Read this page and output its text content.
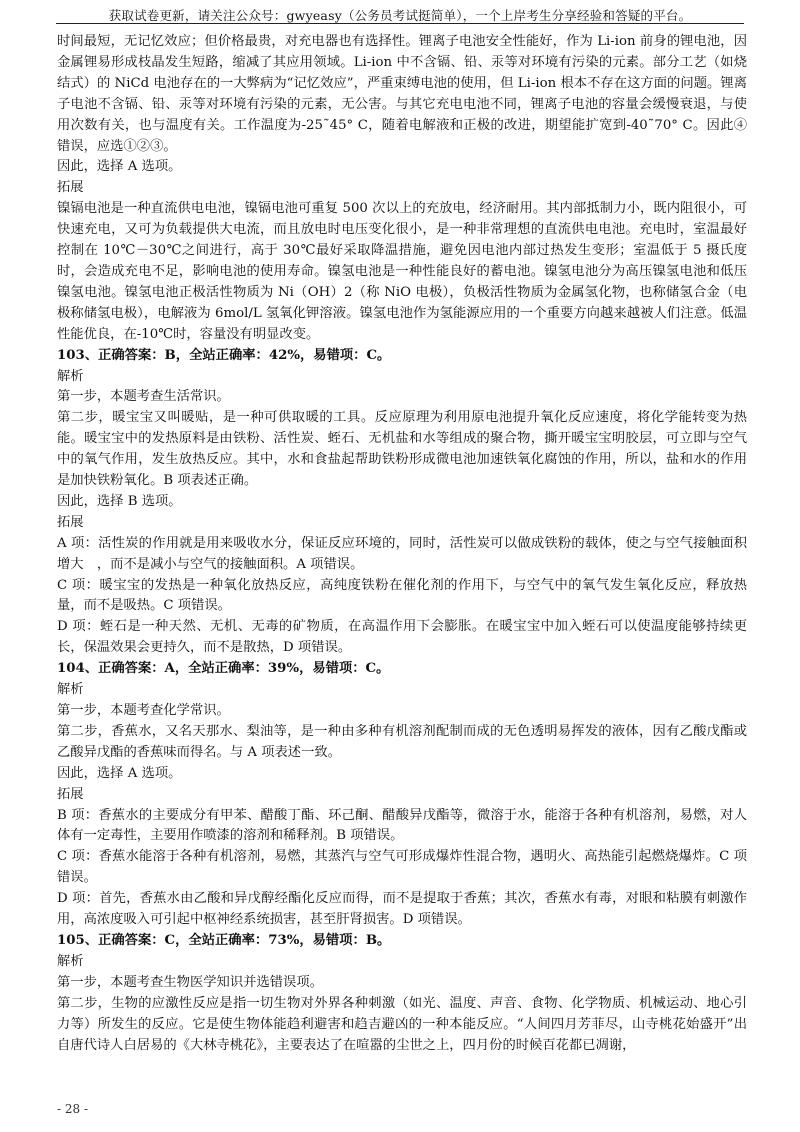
获取试卷更新，请关注公众号：gwyeasy（公务员考试挺简单），一个上岸考生分享经验和答疑的平台。

时间最短，无记忆效应；但价格最贵，对充电器也有选择性。锂离子电池安全性能好，作为 Li-ion 前身的锂电池，因金属锂易形成枝晶发生短路，缩减了其应用领域。Li-ion 中不含镉、铅、汞等对环境有污染的元素。部分工艺（如烧结式）的 NiCd 电池存在的一大弊病为“记忆效应”，严重束缚电池的使用，但 Li-ion 根本不存在这方面的问题。锂离子电池不含镉、铅、汞等对环境有污染的元素，无公害。与其它充电电池不同，锂离子电池的容量会缓慢衰退，与使用次数有关，也与温度有关。工作温度为-25˜45° C，随着电解液和正极的改进，期望能扩宽到-40˜70° C。因此④错误，应选①②③。

因此，选择 A 选项。

拓展

镍镉电池是一种直流供电电池，镍镉电池可重复 500 次以上的充放电，经济耐用。其内部抵制力小，既内阻很小，可快速充电，又可为负载提供大电流，而且放电时电压变化很小，是一种非常理想的直流供电电池。充电时，室温最好控制在 10℃－30℃之间进行，高于 30℃最好采取降温措施，避免因电池内部过热发生变形；室温低于 5 摄氏度时，会造成充电不足，影响电池的使用寿命。镍氢电池是一种性能良好的蓄电池。镍氢电池分为高压镍氢电池和低压镍氢电池。镍氢电池正极活性物质为 Ni（OH）2（称 NiO 电极），负极活性物质为金属氢化物，也称储氢合金（电极称储氢电极），电解液为 6mol/L 氢氧化钾溶液。镍氢电池作为氢能源应用的一个重要方向越来越被人们注意。低温性能优良，在-10℃时，容量没有明显改变。

103、正确答案：B，全站正确率：42%，易错项：C。

解析

第一步，本题考查生活常识。

第二步，暖宝宝又叫暖贴，是一种可供取暖的工具。反应原理为利用原电池提升氧化反应速度，将化学能转变为热能。暖宝宝中的发热原料是由铁粉、活性炭、蛭石、无机盐和水等组成的聚合物，撕开暖宝宝明胶层，可立即与空气中的氧气作用，发生放热反应。其中，水和食盐起帮助铁粉形成微电池加速铁氧化腐蚀的作用，所以，盐和水的作用是加快铁粉氧化。B 项表述正确。

因此，选择 B 选项。

拓展

A 项：活性炭的作用就是用来吸收水分，保证反应环境的，同时，活性炭可以做成铁粉的载体，使之与空气接触面积增大　，而不是减小与空气的接触面积。A 项错误。

C 项：暖宝宝的发热是一种氧化放热反应，高纯度铁粉在催化剂的作用下，与空气中的氧气发生氧化反应，释放热量，而不是吸热。C 项错误。

D 项：蛭石是一种天然、无机、无毒的矿物质，在高温作用下会膨胀。在暖宝宝中加入蛭石可以使温度能够持续更长，保温效果会更持久，而不是散热，D 项错误。

104、正确答案：A，全站正确率：39%，易错项：C。

解析

第一步，本题考查化学常识。

第二步，香蕉水，又名天那水、梨油等，是一种由多种有机溶剂配制而成的无色透明易挥发的液体，因有乙酸戊酯或乙酸异戊酯的香蕉味而得名。与 A 项表述一致。

因此，选择 A 选项。

拓展

B 项：香蕉水的主要成分有甲苯、醋酸丁酯、环己酮、醋酸异戊酯等，微溶于水，能溶于各种有机溶剂，易燃，对人体有一定毒性，主要用作喷漆的溶剂和稀释剂。B 项错误。

C 项：香蕉水能溶于各种有机溶剂，易燃，其蒸汽与空气可形成爆炸性混合物，遇明火、高热能引起燃烧爆炸。C 项错误。

D 项：首先，香蕉水由乙酸和异戊醇经酯化反应而得，而不是提取于香蕉；其次，香蕉水有毒，对眼和粘膜有刺激作用，高浓度吸入可引起中枢神经系统损害，甚至肝肾损害。D 项错误。

105、正确答案：C，全站正确率：73%，易错项：B。

解析

第一步，本题考查生物医学知识并选错误项。

第二步，生物的应激性反应是指一切生物对外界各种刺激（如光、温度、声音、食物、化学物质、机械运动、地心引力等）所发生的反应。它是使生物体能趋利避害和趋吉避凶的一种本能反应。“人间四月芳菲尽，山寺桃花始盛开”出自唐代诗人白居易的《大林寺桃花》，主要表达了在喧嚣的尘世之上，四月份的时候百花都已凋谢，

- 28 -
